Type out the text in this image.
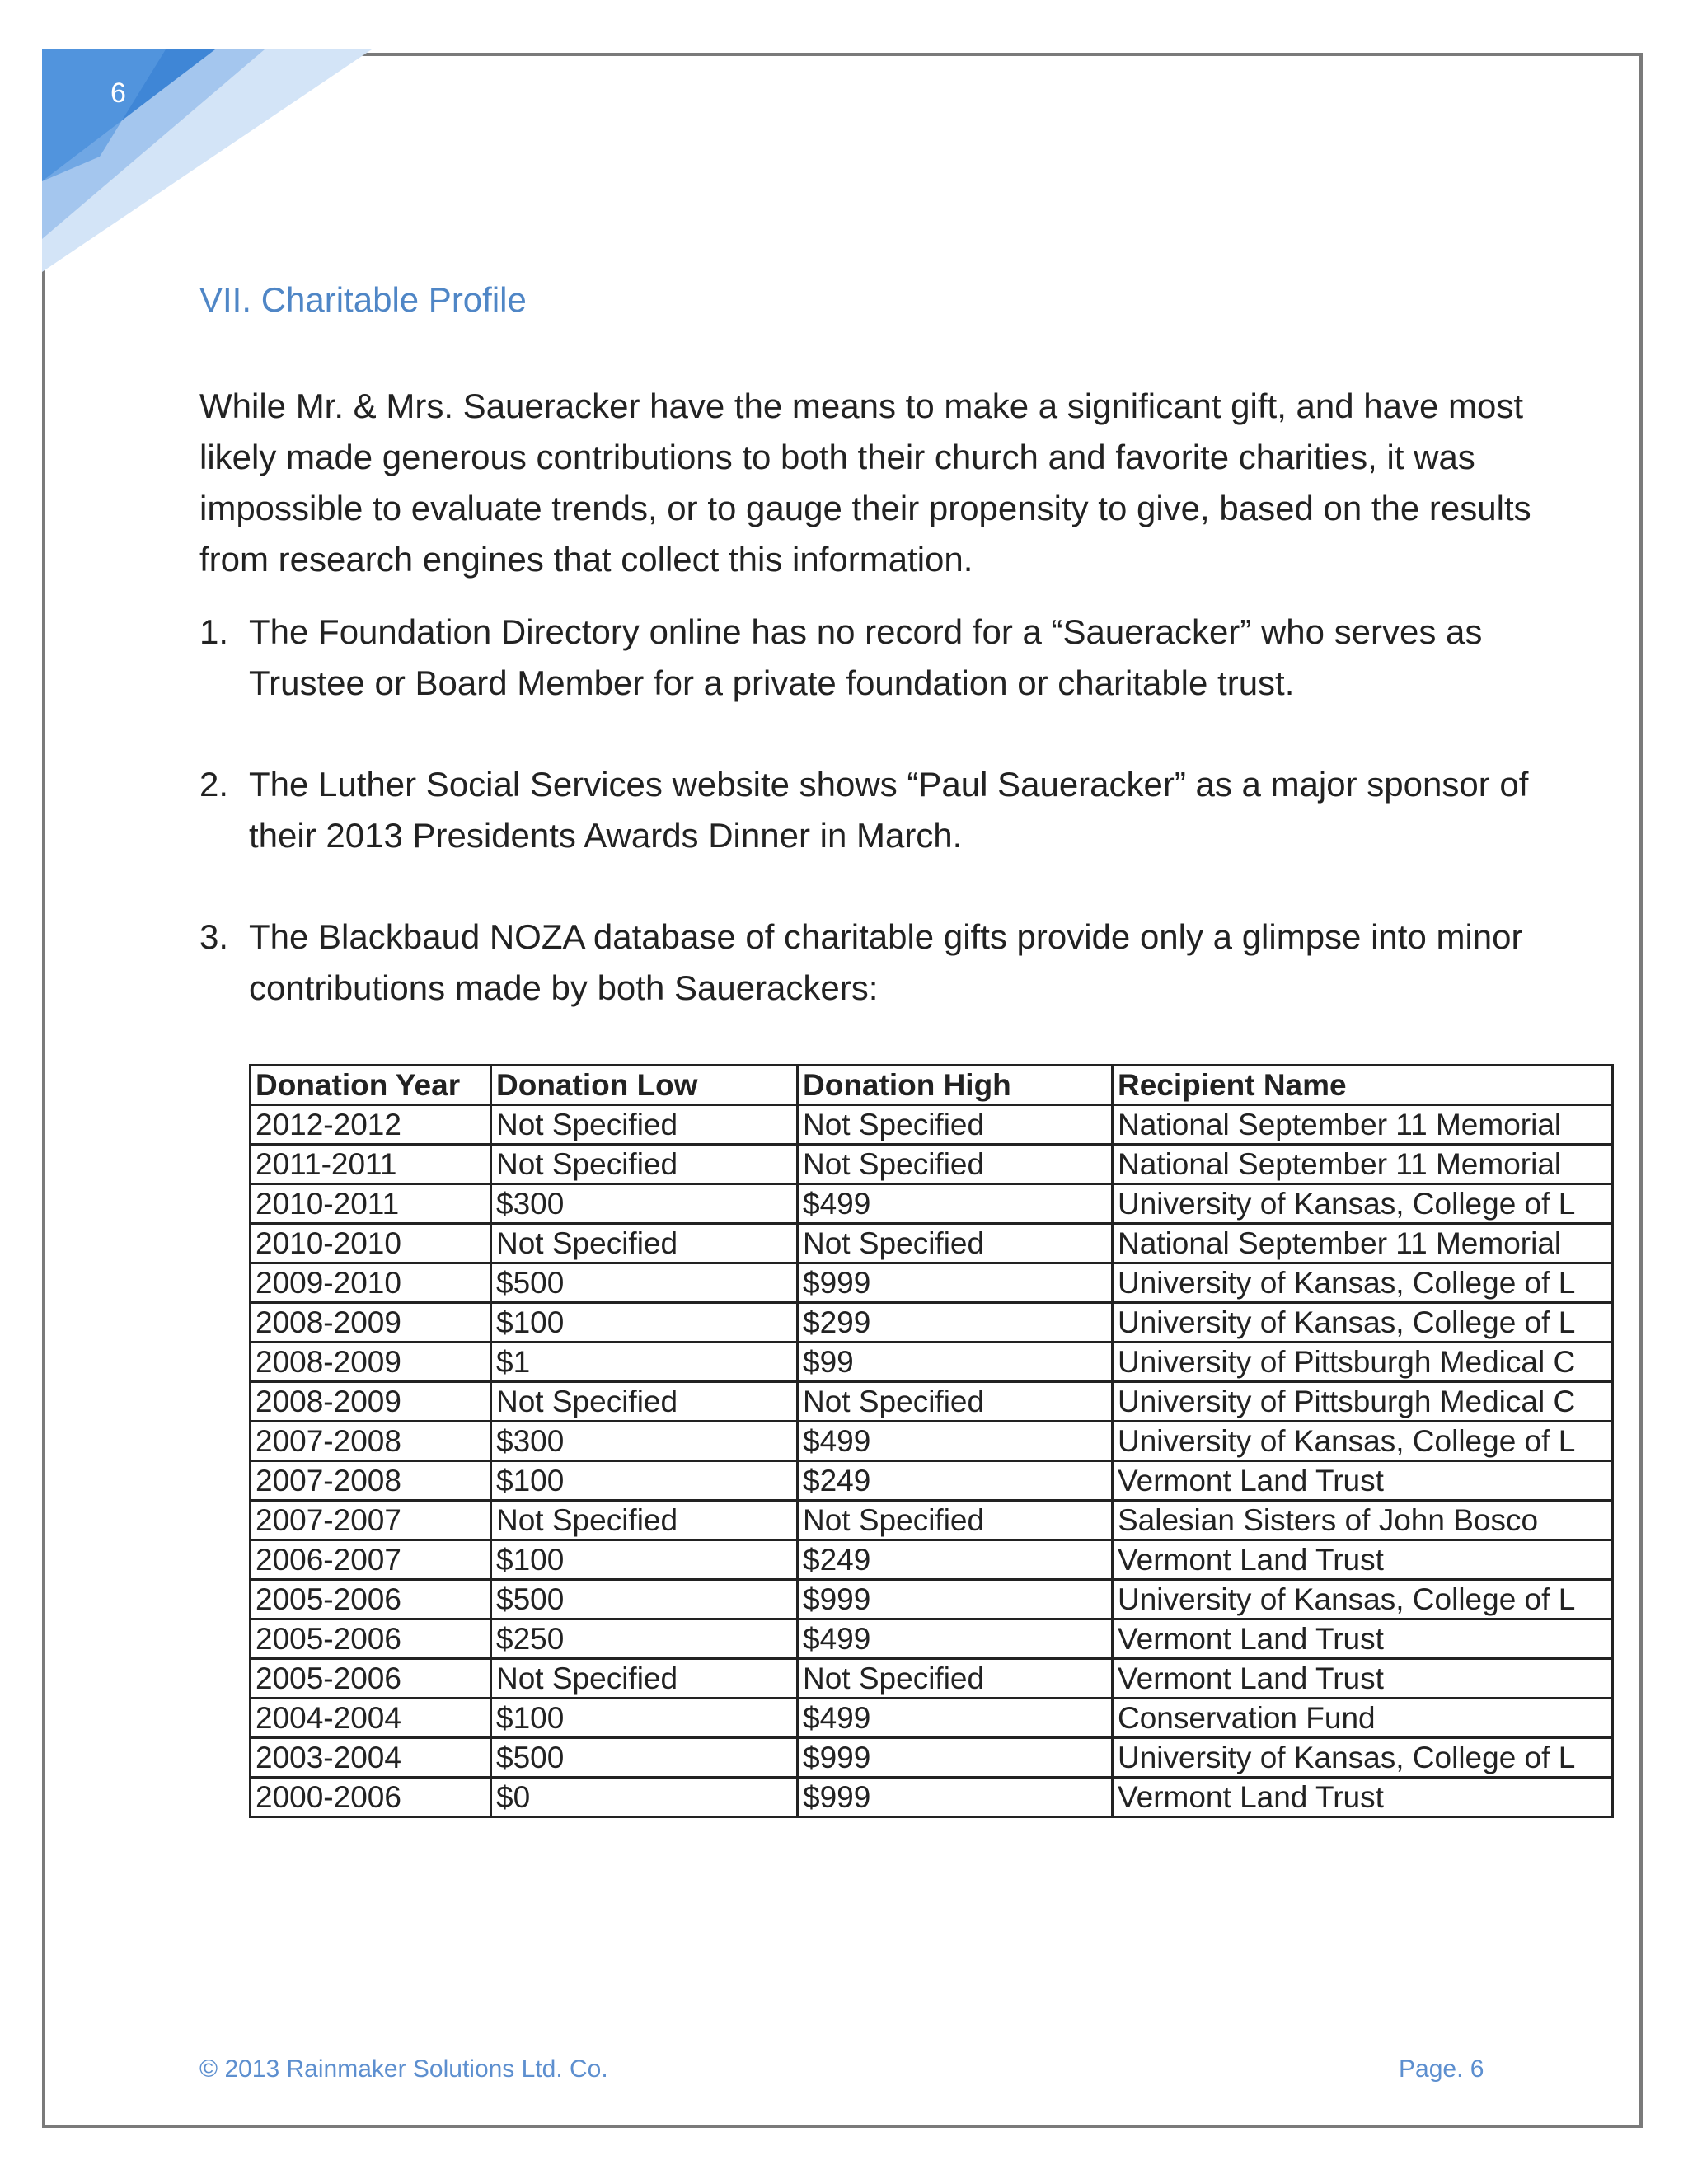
6
VII. Charitable Profile

While Mr. & Mrs. Saueracker have the means to make a significant gift, and have most likely made generous contributions to both their church and favorite charities, it was impossible to evaluate trends, or to gauge their propensity to give, based on the results from research engines that collect this information.

1. The Foundation Directory online has no record for a “Saueracker” who serves as Trustee or Board Member for a private foundation or charitable trust.
2. The Luther Social Services website shows “Paul Saueracker” as a major sponsor of their 2013 Presidents Awards Dinner in March.
3. The Blackbaud NOZA database of charitable gifts provide only a glimpse into minor contributions made by both Saueracker​s:
Donation Year	Donation Low	Donation High	Recipient Name
2012-2012	Not Specified	Not Specified	National September 11 Memorial
2011-2011	Not Specified	Not Specified	National September 11 Memorial
2010-2011	$300	$499	University of Kansas, College of L
2010-2010	Not Specified	Not Specified	National September 11 Memorial
2009-2010	$500	$999	University of Kansas, College of L
2008-2009	$100	$299	University of Kansas, College of L
2008-2009	$1	$99	University of Pittsburgh Medical C
2008-2009	Not Specified	Not Specified	University of Pittsburgh Medical C
2007-2008	$300	$499	University of Kansas, College of L
2007-2008	$100	$249	Vermont Land Trust
2007-2007	Not Specified	Not Specified	Salesian Sisters of John Bosco
2006-2007	$100	$249	Vermont Land Trust
2005-2006	$500	$999	University of Kansas, College of L
2005-2006	$250	$499	Vermont Land Trust
2005-2006	Not Specified	Not Specified	Vermont Land Trust
2004-2004	$100	$499	Conservation Fund
2003-2004	$500	$999	University of Kansas, College of L
2000-2006	$0	$999	Vermont Land Trust
© 2013 Rainmaker Solutions Ltd. Co.	Page. 6
